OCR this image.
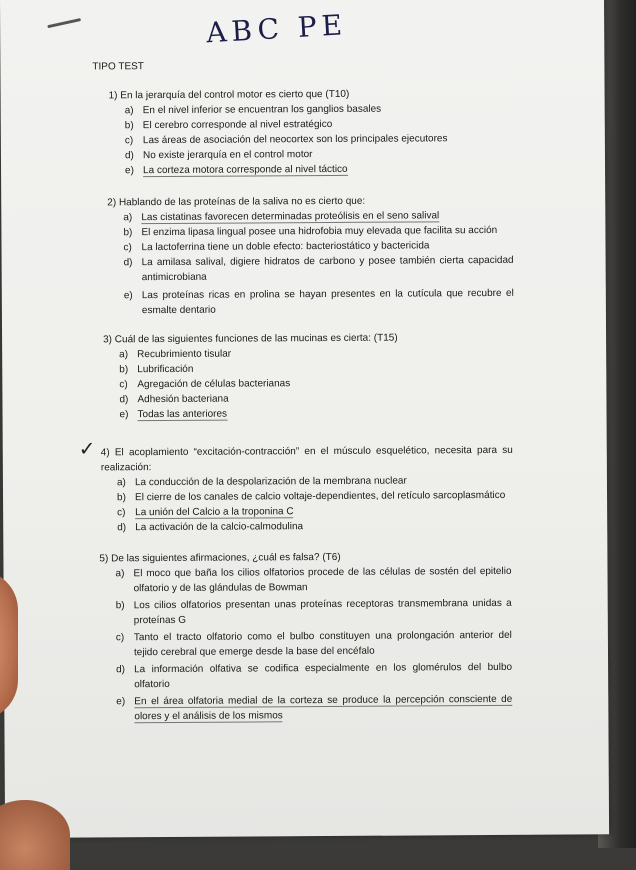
ABC PE
TIPO TEST
1) En la jerarquía del control motor es cierto que (T10)
a) En el nivel inferior se encuentran los ganglios basales
b) El cerebro corresponde al nivel estratégico
c) Las áreas de asociación del neocortex son los principales ejecutores
d) No existe jerarquía en el control motor
e) La corteza motora corresponde al nivel táctico
2) Hablando de las proteínas de la saliva no es cierto que:
a) Las cistatinas favorecen determinadas proteólisis en el seno salival
b) El enzima lipasa lingual posee una hidrofobia muy elevada que facilita su acción
c) La lactoferrina tiene un doble efecto: bacteriostático y bactericida
d) La amilasa salival, digiere hidratos de carbono y posee también cierta capacidad antimicrobiana
e) Las proteínas ricas en prolina se hayan presentes en la cutícula que recubre el esmalte dentario
3) Cuál de las siguientes funciones de las mucinas es cierta: (T15)
a) Recubrimiento tisular
b) Lubrificación
c) Agregación de células bacterianas
d) Adhesión bacteriana
e) Todas las anteriores
✓ 4) El acoplamiento “excitación-contracción” en el músculo esquelético, necesita para su realización:
a) La conducción de la despolarización de la membrana nuclear
b) El cierre de los canales de calcio voltaje-dependientes, del retículo sarcoplasmático
c) La unión del Calcio a la troponina C
d) La activación de la calcio-calmodulina
5) De las siguientes afirmaciones, ¿cuál es falsa? (T6)
a) El moco que baña los cilios olfatorios procede de las células de sostén del epitelio olfatorio y de las glándulas de Bowman
b) Los cilios olfatorios presentan unas proteínas receptoras transmembrana unidas a proteínas G
c) Tanto el tracto olfatorio como el bulbo constituyen una prolongación anterior del tejido cerebral que emerge desde la base del encéfalo
d) La información olfativa se codifica especialmente en los glomérulos del bulbo olfatorio
e) En el área olfatoria medial de la corteza se produce la percepción consciente de olores y el análisis de los mismos
